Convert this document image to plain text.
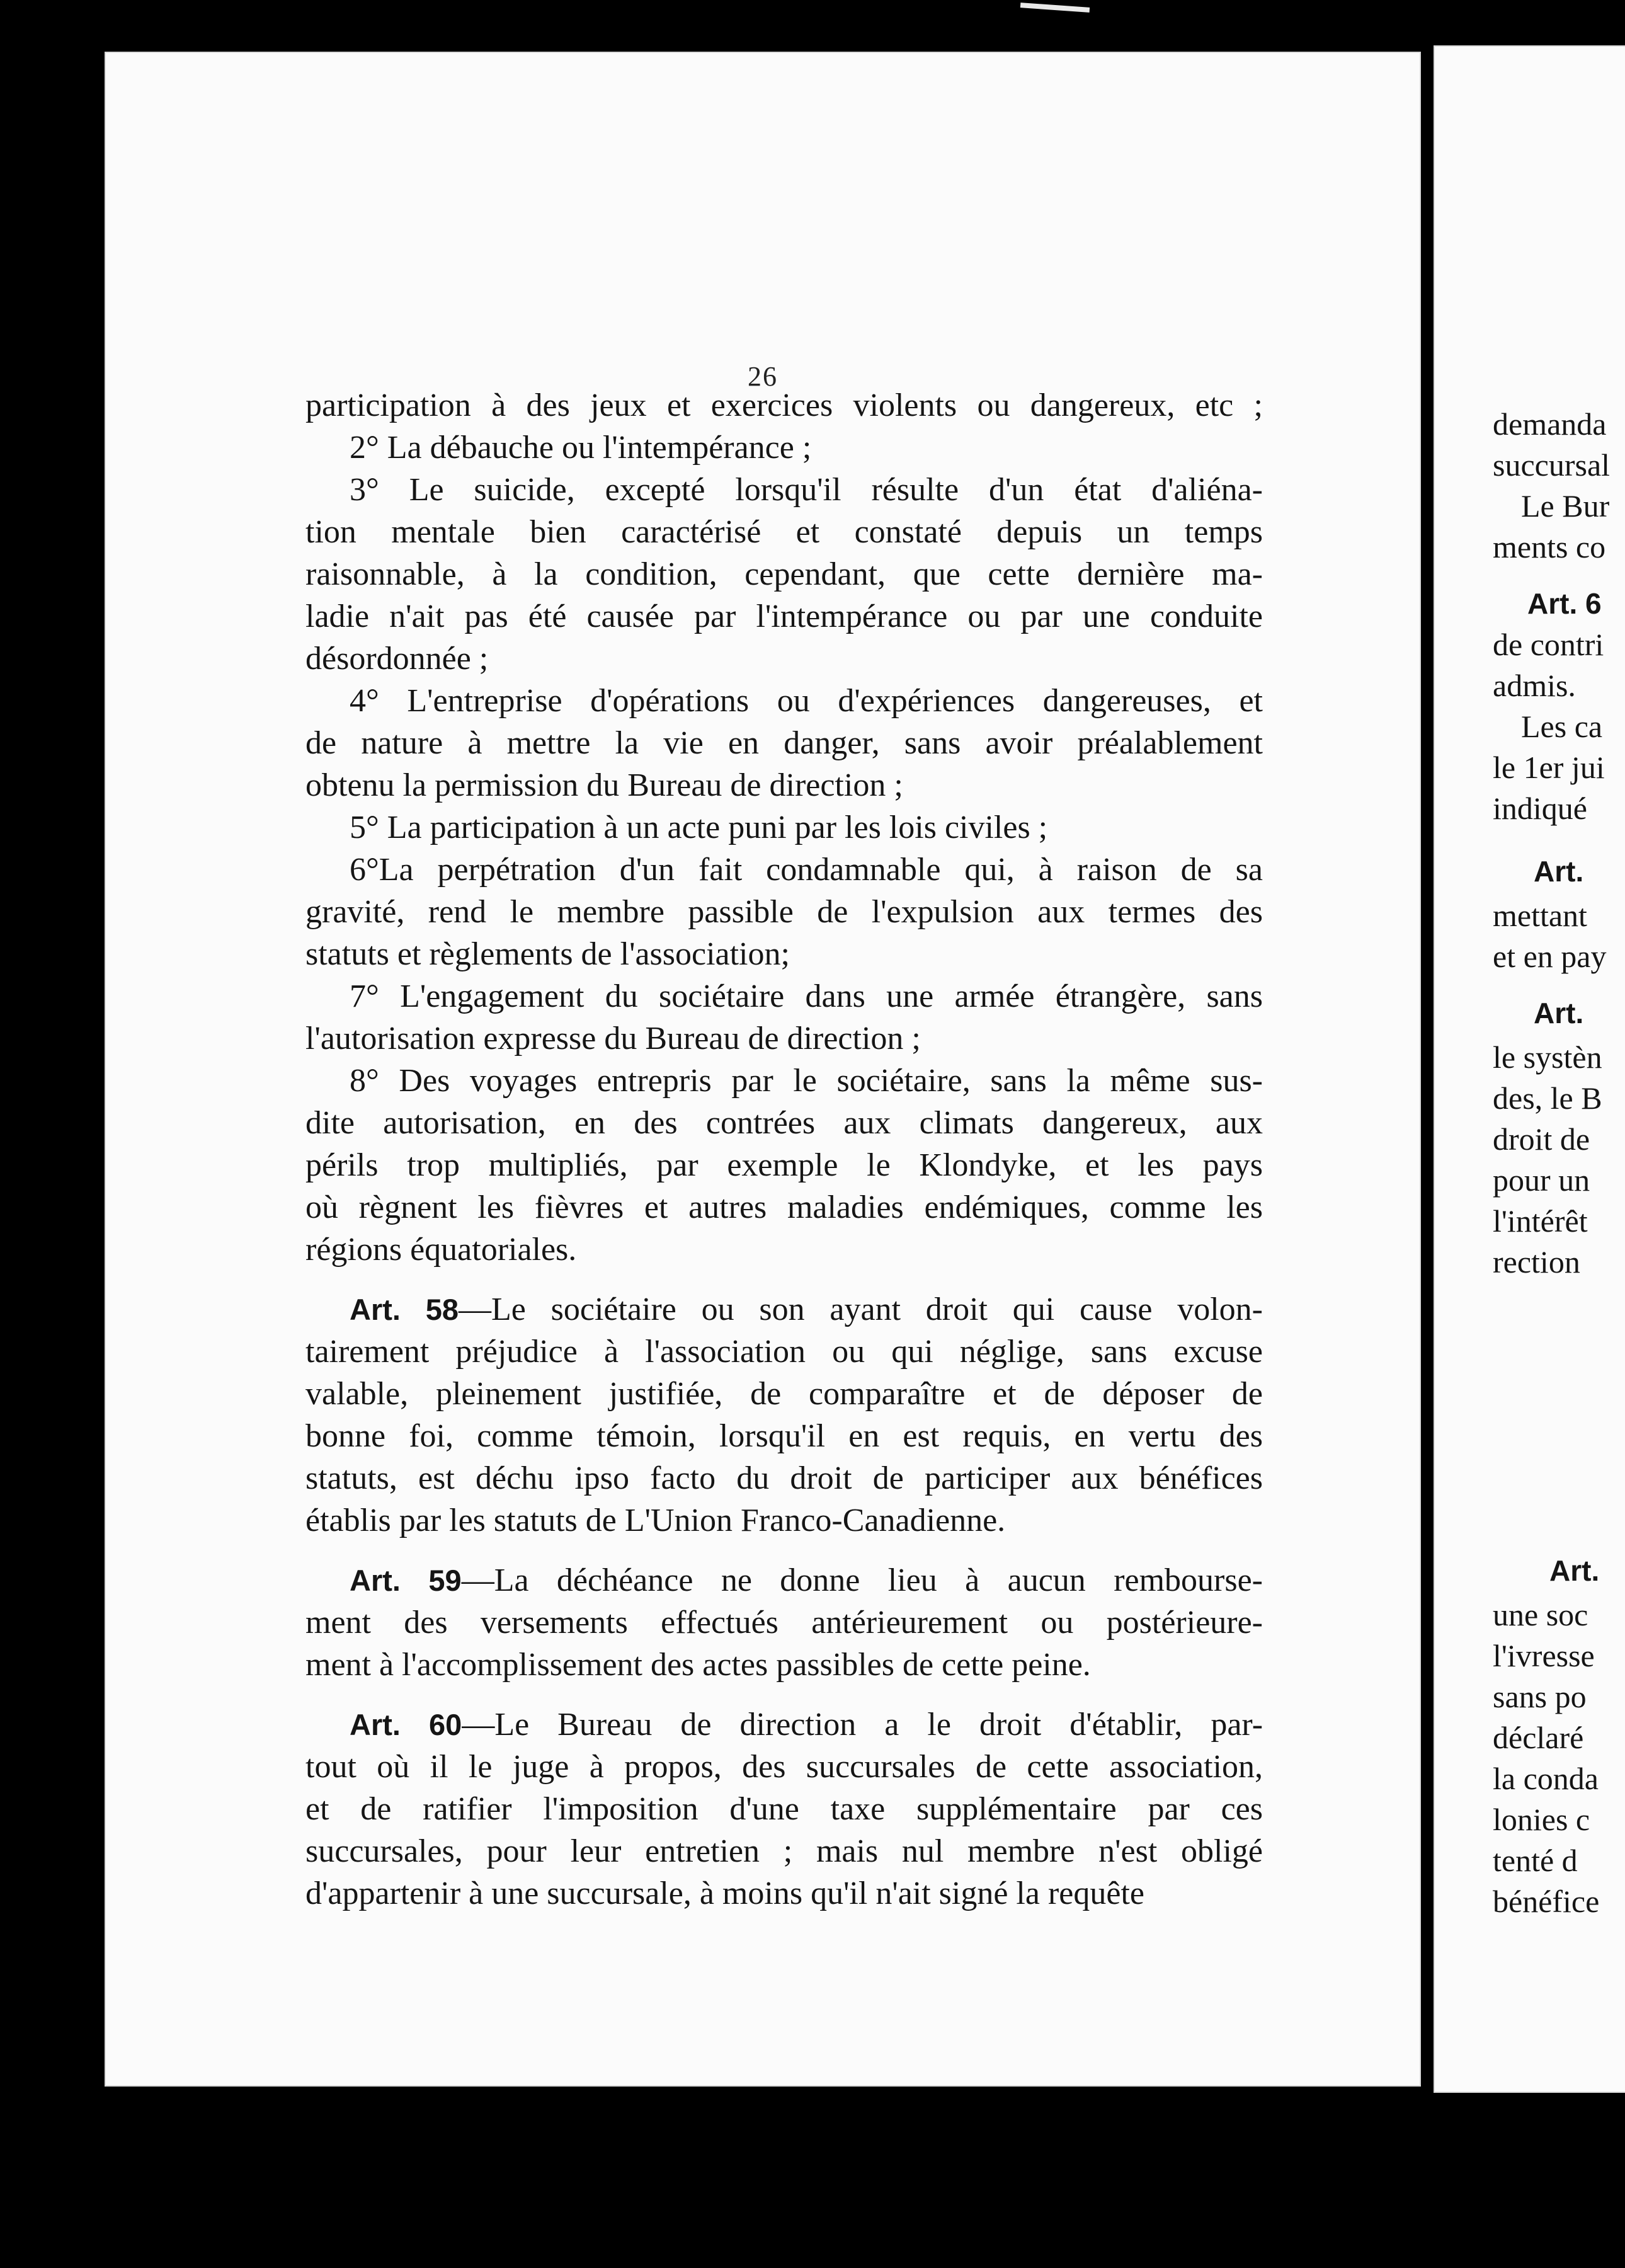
26
participation à des jeux et exercices violents ou dangereux, etc ;
2° La débauche ou l'intempérance ;
3° Le suicide, excepté lorsqu'il résulte d'un état d'aliéna-
tion mentale bien caractérisé et constaté depuis un temps
raisonnable, à la condition, cependant, que cette dernière ma-
ladie n'ait pas été causée par l'intempérance ou par une conduite
désordonnée ;
4° L'entreprise d'opérations ou d'expériences dangereuses, et
de nature à mettre la vie en danger, sans avoir préalablement
obtenu la permission du Bureau de direction ;
5° La participation à un acte puni par les lois civiles ;
6°La perpétration d'un fait condamnable qui, à raison de sa
gravité, rend le membre passible de l'expulsion aux termes des
statuts et règlements de l'association;
7° L'engagement du sociétaire dans une armée étrangère, sans
l'autorisation expresse du Bureau de direction ;
8° Des voyages entrepris par le sociétaire, sans la même sus-
dite autorisation, en des contrées aux climats dangereux, aux
périls trop multipliés, par exemple le Klondyke, et les pays
où règnent les fièvres et autres maladies endémiques, comme les
régions équatoriales.
Art. 58—Le sociétaire ou son ayant droit qui cause volon-
tairement préjudice à l'association ou qui néglige, sans excuse
valable, pleinement justifiée, de comparaître et de déposer de
bonne foi, comme témoin, lorsqu'il en est requis, en vertu des
statuts, est déchu ipso facto du droit de participer aux bénéfices
établis par les statuts de L'Union Franco-Canadienne.
Art. 59—La déchéance ne donne lieu à aucun rembourse-
ment des versements effectués antérieurement ou postérieure-
ment à l'accomplissement des actes passibles de cette peine.
Art. 60—Le Bureau de direction a le droit d'établir, par-
tout où il le juge à propos, des succursales de cette association,
et de ratifier l'imposition d'une taxe supplémentaire par ces
succursales, pour leur entretien ; mais nul membre n'est obligé
d'appartenir à une succursale, à moins qu'il n'ait signé la requête
demanda
succursal
Le Bur
ments co
Art. 6
de contri
admis.
Les ca
le 1er jui
indiqué
Art.
mettant
et en pay
Art.
le systèn
des, le B
droit de
pour un
l'intérêt
rection
Art.
une soc
l'ivresse
sans po
déclaré
la conda
lonies c
tenté d
bénéfice
